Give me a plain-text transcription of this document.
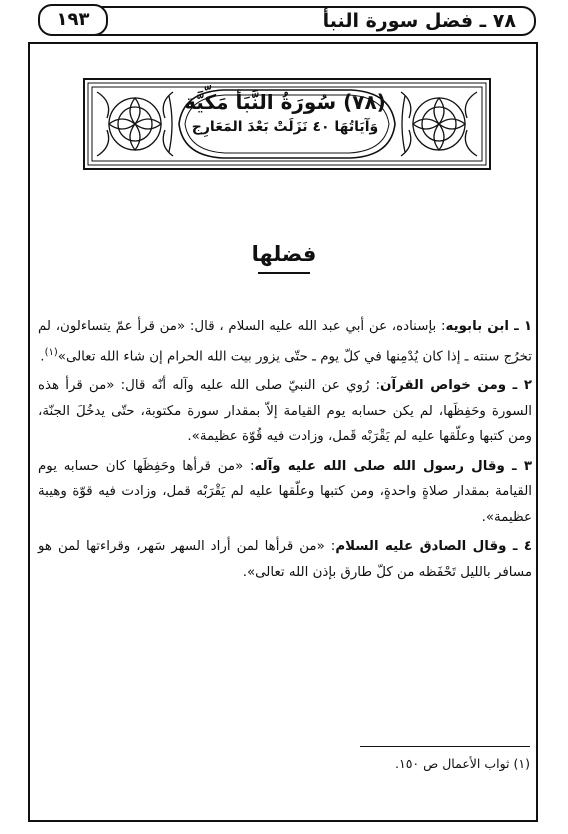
٧٨ ـ فضل سورة النبأ
١٩٣
(٧٨) سُورَةُ النَّبَأ مَكِّيَّة
وَآيَاتُهَا ٤٠ نَزَلَتْ بَعْدَ المَعَارِج
فضلها

١ ـ ابن بابويه: بإسناده، عن أبي عبد الله عليه السلام ، قال: «من قرأ عمّ يتساءلون، لم تخرُج سنته ـ إذا كان يُدْمِنها في كلّ يوم ـ حتّى يزور بيت الله الحرام إن شاء الله تعالى»$^{(١)}$.

٢ ـ ومن خواص القرآن: رُوي عن النبيّ صلى الله عليه وآله أنّه قال: «من قرأ هذه السورة وحَفِظَها، لم يكن حسابه يوم القيامة إلاّ بمقدار سورة مكتوبة، حتّى يدخُلَ الجنّة، ومن كتبها وعلّقها عليه لم يَقْرَبْه قَمل، وزادت فيه قُوّة عظيمة».

٣ ـ وقال رسول الله صلى الله عليه وآله: «من قرأها وحَفِظَها كان حسابه يوم القيامة بمقدار صلاةٍ واحدةٍ، ومن كتبها وعلّقها عليه لم يَقْرَبْه قمل، وزادت فيه قوّة وهيبة عظيمة».

٤ ـ وقال الصادق عليه السلام: «من قرأها لمن أراد السهر سَهر، وقراءتها لمن هو مسافر بالليل تَحْفَظه من كلّ طارق بإذن الله تعالى».

(١) ثواب الأعمال ص ١٥٠.
